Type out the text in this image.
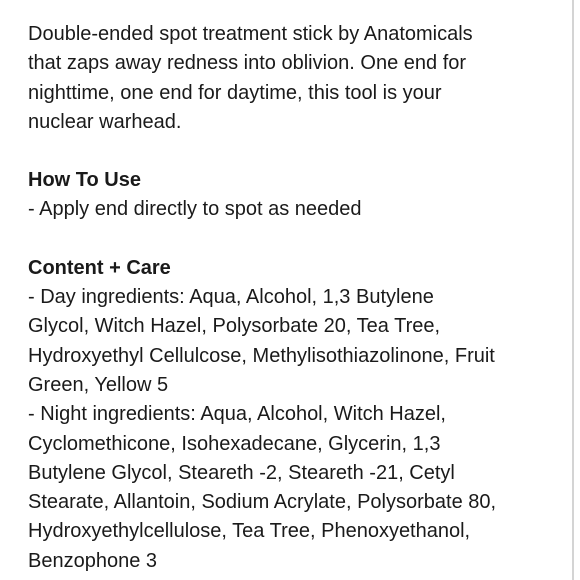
Double-ended spot treatment stick by Anatomicals

that zaps away redness into oblivion. One end for

nighttime, one end for daytime, this tool is your

nuclear warhead.

How To Use

- Apply end directly to spot as needed

Content + Care

- Day ingredients: Aqua, Alcohol, 1,3 Butylene

Glycol, Witch Hazel, Polysorbate 20, Tea Tree,

Hydroxyethyl Cellulcose, Methylisothiazolinone, Fruit

Green, Yellow 5

- Night ingredients: Aqua, Alcohol, Witch Hazel,

Cyclomethicone, Isohexadecane, Glycerin, 1,3

Butylene Glycol, Steareth -2, Steareth -21, Cetyl

Stearate, Allantoin, Sodium Acrylate, Polysorbate 80,

Hydroxyethylcellulose, Tea Tree, Phenoxyethanol,

Benzophone 3
